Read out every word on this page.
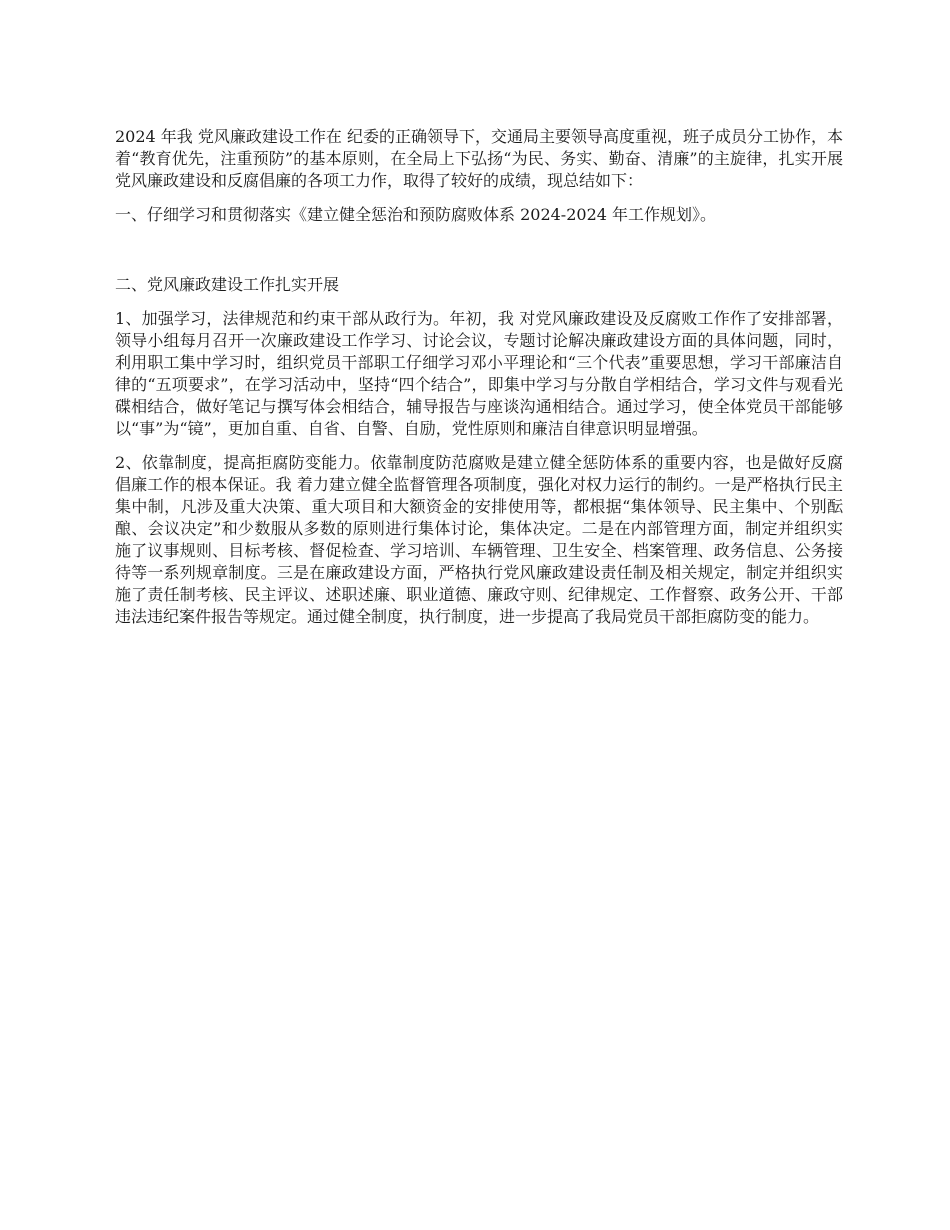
2024 年我 党风廉政建设工作在 纪委的正确领导下，交通局主要领导高度重视，班子成员分工协作，本着“教育优先，注重预防”的基本原则，在全局上下弘扬“为民、务实、勤奋、清廉”的主旋律，扎实开展党风廉政建设和反腐倡廉的各项工力作，取得了较好的成绩，现总结如下：

一、仔细学习和贯彻落实《建立健全惩治和预防腐败体系 2024-2024 年工作规划》。

二、党风廉政建设工作扎实开展

1、加强学习，法律规范和约束干部从政行为。年初，我 对党风廉政建设及反腐败工作作了安排部署，领导小组每月召开一次廉政建设工作学习、讨论会议，专题讨论解决廉政建设方面的具体问题，同时，利用职工集中学习时，组织党员干部职工仔细学习邓小平理论和“三个代表”重要思想，学习干部廉洁自律的“五项要求”，在学习活动中，坚持“四个结合”，即集中学习与分散自学相结合，学习文件与观看光碟相结合，做好笔记与撰写体会相结合，辅导报告与座谈沟通相结合。通过学习，使全体党员干部能够以“事”为“镜”，更加自重、自省、自警、自励，党性原则和廉洁自律意识明显增强。

2、依靠制度，提高拒腐防变能力。依靠制度防范腐败是建立健全惩防体系的重要内容，也是做好反腐倡廉工作的根本保证。我 着力建立健全监督管理各项制度，强化对权力运行的制约。一是严格执行民主集中制，凡涉及重大决策、重大项目和大额资金的安排使用等，都根据“集体领导、民主集中、个别酝酿、会议决定”和少数服从多数的原则进行集体讨论，集体决定。二是在内部管理方面，制定并组织实施了议事规则、目标考核、督促检查、学习培训、车辆管理、卫生安全、档案管理、政务信息、公务接待等一系列规章制度。三是在廉政建设方面，严格执行党风廉政建设责任制及相关规定，制定并组织实施了责任制考核、民主评议、述职述廉、职业道德、廉政守则、纪律规定、工作督察、政务公开、干部违法违纪案件报告等规定。通过健全制度，执行制度，进一步提高了我局党员干部拒腐防变的能力。
